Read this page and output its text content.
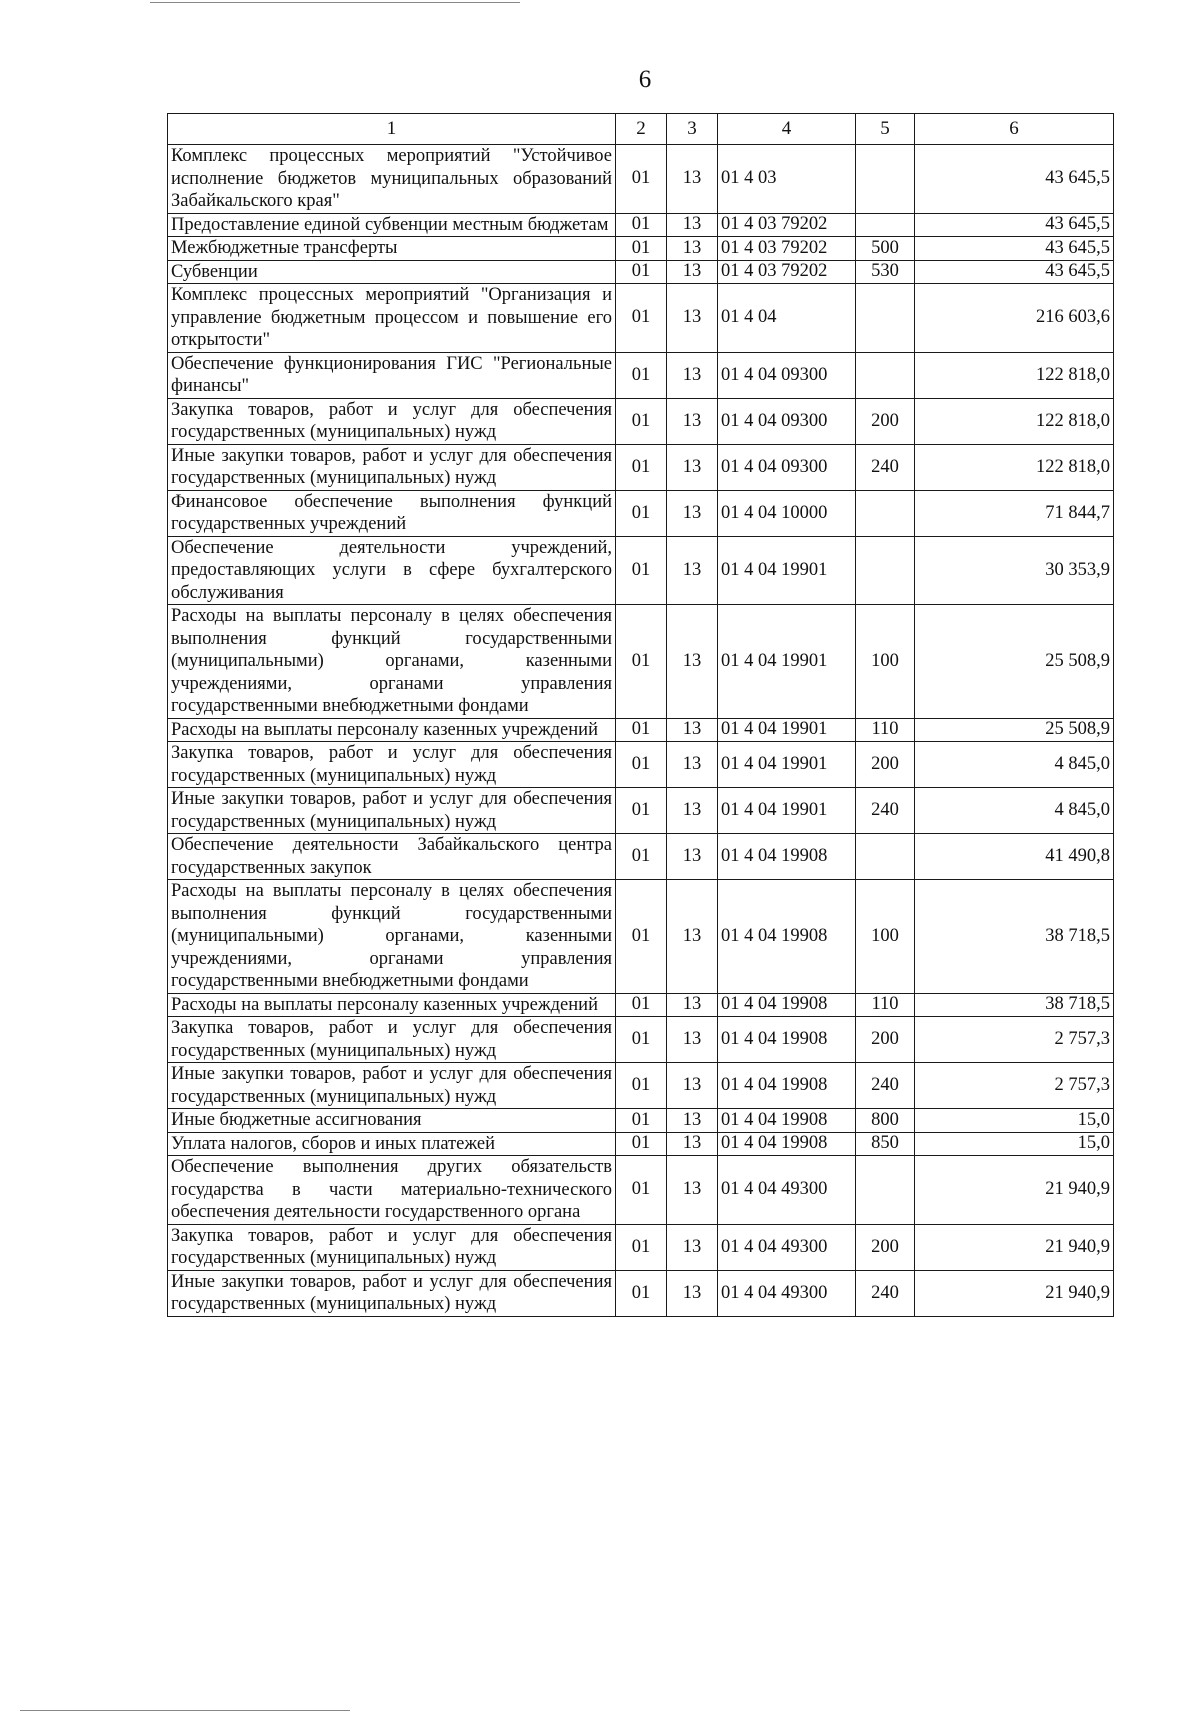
6
1	2	3	4	5	6
Комплекс процессных мероприятий "Устойчивое исполнение бюджетов муниципальных образований Забайкальского края"	01	13	01 4 03		43 645,5
Предоставление единой субвенции местным бюджетам	01	13	01 4 03 79202		43 645,5
Межбюджетные трансферты	01	13	01 4 03 79202	500	43 645,5
Субвенции	01	13	01 4 03 79202	530	43 645,5
Комплекс процессных мероприятий "Организация и управление бюджетным процессом и повышение его открытости"	01	13	01 4 04		216 603,6
Обеспечение функционирования ГИС "Региональные финансы"	01	13	01 4 04 09300		122 818,0
Закупка товаров, работ и услуг для обеспечения государственных (муниципальных) нужд	01	13	01 4 04 09300	200	122 818,0
Иные закупки товаров, работ и услуг для обеспечения государственных (муниципальных) нужд	01	13	01 4 04 09300	240	122 818,0
Финансовое обеспечение выполнения функций государственных учреждений	01	13	01 4 04 10000		71 844,7
Обеспечение деятельности учреждений, предоставляющих услуги в сфере бухгалтерского обслуживания	01	13	01 4 04 19901		30 353,9
Расходы на выплаты персоналу в целях обеспечения выполнения функций государственными (муниципальными) органами, казенными учреждениями, органами управления государственными внебюджетными фондами	01	13	01 4 04 19901	100	25 508,9
Расходы на выплаты персоналу казенных учреждений	01	13	01 4 04 19901	110	25 508,9
Закупка товаров, работ и услуг для обеспечения государственных (муниципальных) нужд	01	13	01 4 04 19901	200	4 845,0
Иные закупки товаров, работ и услуг для обеспечения государственных (муниципальных) нужд	01	13	01 4 04 19901	240	4 845,0
Обеспечение деятельности Забайкальского центра государственных закупок	01	13	01 4 04 19908		41 490,8
Расходы на выплаты персоналу в целях обеспечения выполнения функций государственными (муниципальными) органами, казенными учреждениями, органами управления государственными внебюджетными фондами	01	13	01 4 04 19908	100	38 718,5
Расходы на выплаты персоналу казенных учреждений	01	13	01 4 04 19908	110	38 718,5
Закупка товаров, работ и услуг для обеспечения государственных (муниципальных) нужд	01	13	01 4 04 19908	200	2 757,3
Иные закупки товаров, работ и услуг для обеспечения государственных (муниципальных) нужд	01	13	01 4 04 19908	240	2 757,3
Иные бюджетные ассигнования	01	13	01 4 04 19908	800	15,0
Уплата налогов, сборов и иных платежей	01	13	01 4 04 19908	850	15,0
Обеспечение выполнения других обязательств государства в части материально-технического обеспечения деятельности государственного органа	01	13	01 4 04 49300		21 940,9
Закупка товаров, работ и услуг для обеспечения государственных (муниципальных) нужд	01	13	01 4 04 49300	200	21 940,9
Иные закупки товаров, работ и услуг для обеспечения государственных (муниципальных) нужд	01	13	01 4 04 49300	240	21 940,9
